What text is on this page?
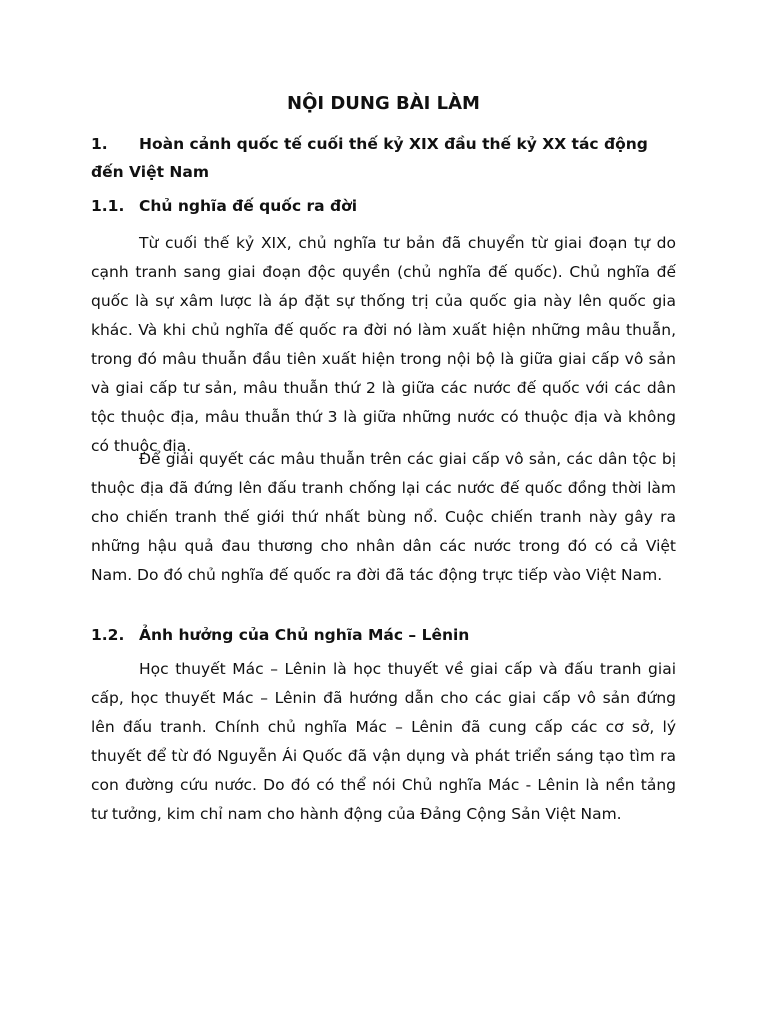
NỘI DUNG BÀI LÀM
1. Hoàn cảnh quốc tế cuối thế kỷ XIX đầu thế kỷ XX tác động đến Việt Nam
1.1. Chủ nghĩa đế quốc ra đời

Từ cuối thế kỷ XIX, chủ nghĩa tư bản đã chuyển từ giai đoạn tự do cạnh tranh sang giai đoạn độc quyền (chủ nghĩa đế quốc). Chủ nghĩa đế quốc là sự xâm lược là áp đặt sự thống trị của quốc gia này lên quốc gia khác. Và khi chủ nghĩa đế quốc ra đời nó làm xuất hiện những mâu thuẫn, trong đó mâu thuẫn đầu tiên xuất hiện trong nội bộ là giữa giai cấp vô sản và giai cấp tư sản, mâu thuẫn thứ 2 là giữa các nước đế quốc với các dân tộc thuộc địa, mâu thuẫn thứ 3 là giữa những nước có thuộc địa và không có thuộc địa.

Để giải quyết các mâu thuẫn trên các giai cấp vô sản, các dân tộc bị thuộc địa đã đứng lên đấu tranh chống lại các nước đế quốc đồng thời làm cho chiến tranh thế giới thứ nhất bùng nổ. Cuộc chiến tranh này gây ra những hậu quả đau thương cho nhân dân các nước trong đó có cả Việt Nam. Do đó chủ nghĩa đế quốc ra đời đã tác động trực tiếp vào Việt Nam.

1.2. Ảnh hưởng của Chủ nghĩa Mác – Lênin

Học thuyết Mác – Lênin là học thuyết về giai cấp và đấu tranh giai cấp, học thuyết Mác – Lênin đã hướng dẫn cho các giai cấp vô sản đứng lên đấu tranh. Chính chủ nghĩa Mác – Lênin đã cung cấp các cơ sở, lý thuyết để từ đó Nguyễn Ái Quốc đã vận dụng và phát triển sáng tạo tìm ra con đường cứu nước. Do đó có thể nói Chủ nghĩa Mác - Lênin là nền tảng tư tưởng, kim chỉ nam cho hành động của Đảng Cộng Sản Việt Nam.
